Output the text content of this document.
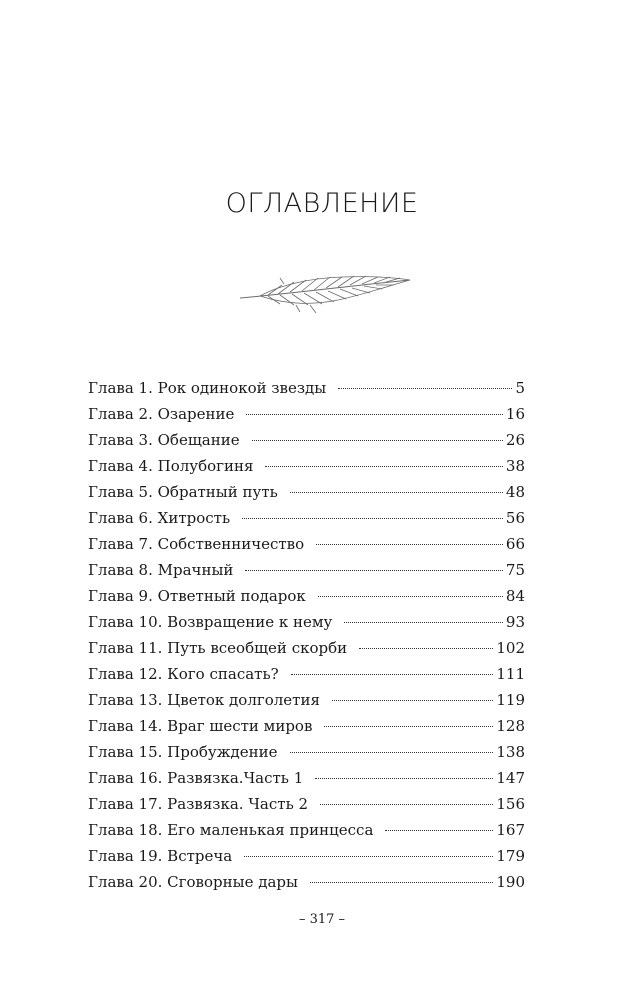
ОГЛАВЛЕНИЕ
Глава 1. Рок одинокой звезды	5
Глава 2. Озарение	16
Глава 3. Обещание	26
Глава 4. Полубогиня	38
Глава 5. Обратный путь	48
Глава 6. Хитрость	56
Глава 7. Собственничество	66
Глава 8. Мрачный	75
Глава 9. Ответный подарок	84
Глава 10. Возвращение к нему	93
Глава 11. Путь всеобщей скорби	102
Глава 12. Кого спасать?	111
Глава 13. Цветок долголетия	119
Глава 14. Враг шести миров	128
Глава 15. Пробуждение	138
Глава 16. Развязка.Часть 1	147
Глава 17. Развязка. Часть 2	156
Глава 18. Его маленькая принцесса	167
Глава 19. Встреча	179
Глава 20. Сговорные дары	190
– 317 –
